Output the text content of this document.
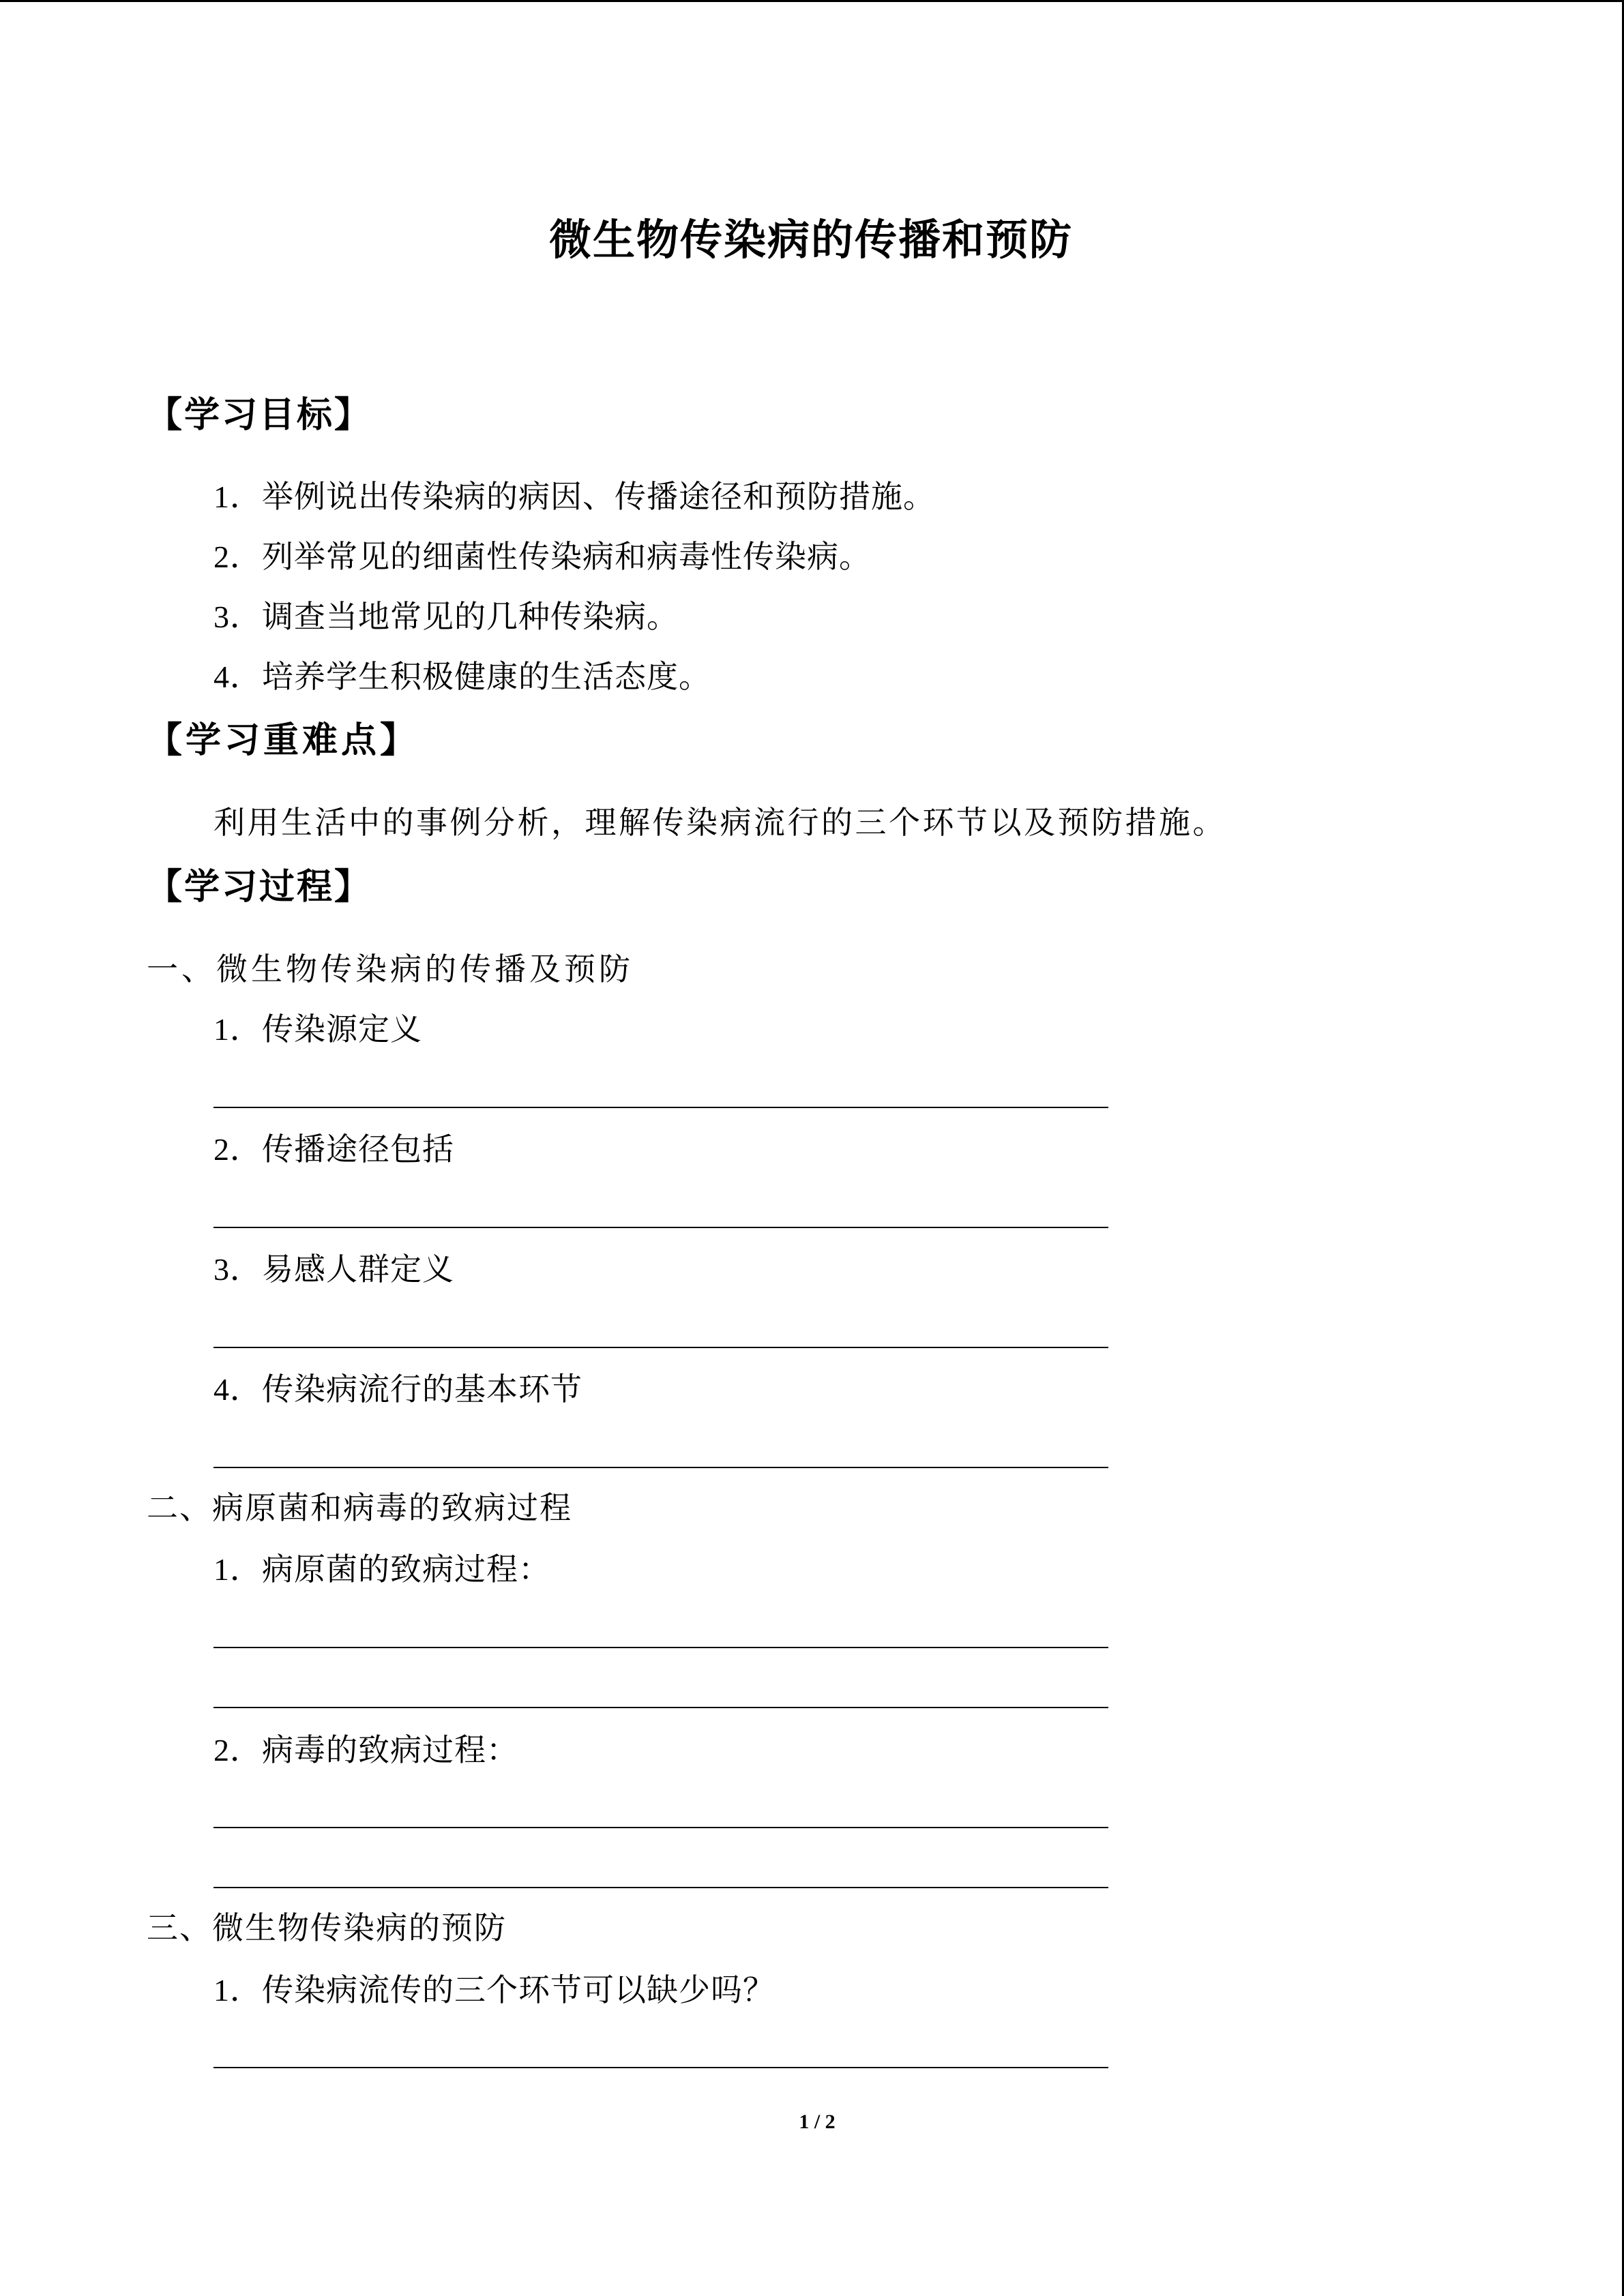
微生物传染病的传播和预防
【学习目标】
1．举例说出传染病的病因、传播途径和预防措施。
2．列举常见的细菌性传染病和病毒性传染病。
3．调查当地常见的几种传染病。
4．培养学生积极健康的生活态度。
【学习重难点】
利用生活中的事例分析，理解传染病流行的三个环节以及预防措施。
【学习过程】
一、微生物传染病的传播及预防
1．传染源定义
2．传播途径包括
3．易感人群定义
4．传染病流行的基本环节
二、病原菌和病毒的致病过程
1．病原菌的致病过程：
2．病毒的致病过程：
三、微生物传染病的预防
1．传染病流传的三个环节可以缺少吗？
1 / 2
